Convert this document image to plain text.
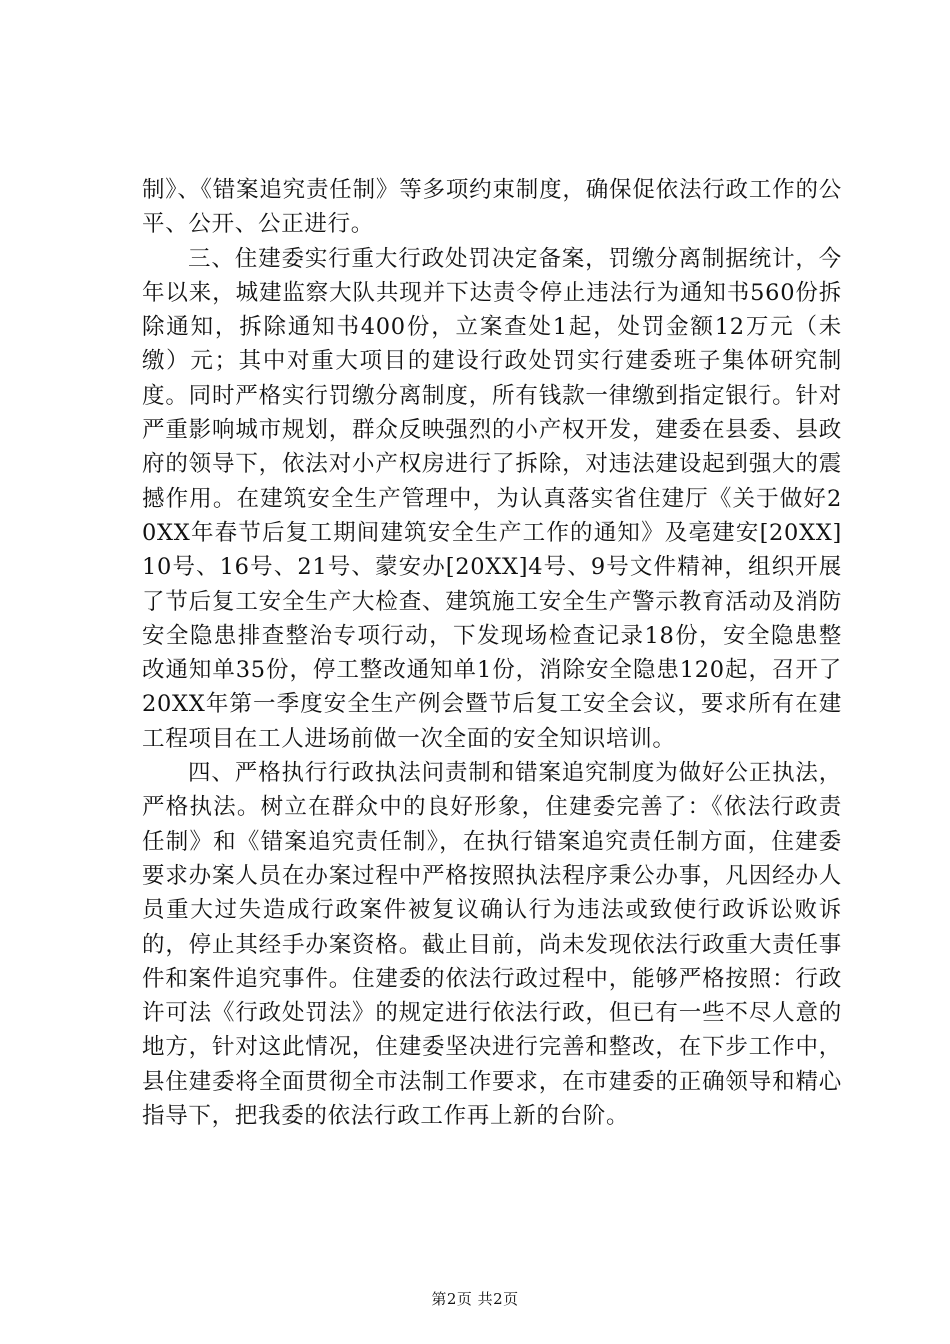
制》、《错案追究责任制》等多项约束制度，确保促依法行政工作的公平、公开、公正进行。

三、住建委实行重大行政处罚决定备案，罚缴分离制据统计，今年以来，城建监察大队共现并下达责令停止违法行为通知书560份拆除通知，拆除通知书400份，立案查处1起，处罚金额12万元（未缴）元；其中对重大项目的建设行政处罚实行建委班子集体研究制度。同时严格实行罚缴分离制度，所有钱款一律缴到指定银行。针对严重影响城市规划，群众反映强烈的小产权开发，建委在县委、县政府的领导下，依法对小产权房进行了拆除，对违法建设起到强大的震撼作用。在建筑安全生产管理中，为认真落实省住建厅《关于做好20XX年春节后复工期间建筑安全生产工作的通知》及亳建安[20XX]10号、16号、21号、蒙安办[20XX]4号、9号文件精神，组织开展了节后复工安全生产大检查、建筑施工安全生产警示教育活动及消防安全隐患排查整治专项行动，下发现场检查记录18份，安全隐患整改通知单35份，停工整改通知单1份，消除安全隐患120起，召开了20XX年第一季度安全生产例会暨节后复工安全会议，要求所有在建工程项目在工人进场前做一次全面的安全知识培训。

四、严格执行行政执法问责制和错案追究制度为做好公正执法，严格执法。树立在群众中的良好形象，住建委完善了：《依法行政责任制》和《错案追究责任制》，在执行错案追究责任制方面，住建委要求办案人员在办案过程中严格按照执法程序秉公办事，凡因经办人员重大过失造成行政案件被复议确认行为违法或致使行政诉讼败诉的，停止其经手办案资格。截止目前，尚未发现依法行政重大责任事件和案件追究事件。住建委的依法行政过程中，能够严格按照：行政许可法《行政处罚法》的规定进行依法行政，但已有一些不尽人意的地方，针对这此情况，住建委坚决进行完善和整改，在下步工作中，县住建委将全面贯彻全市法制工作要求，在市建委的正确领导和精心指导下，把我委的依法行政工作再上新的台阶。

第2页 共2页
